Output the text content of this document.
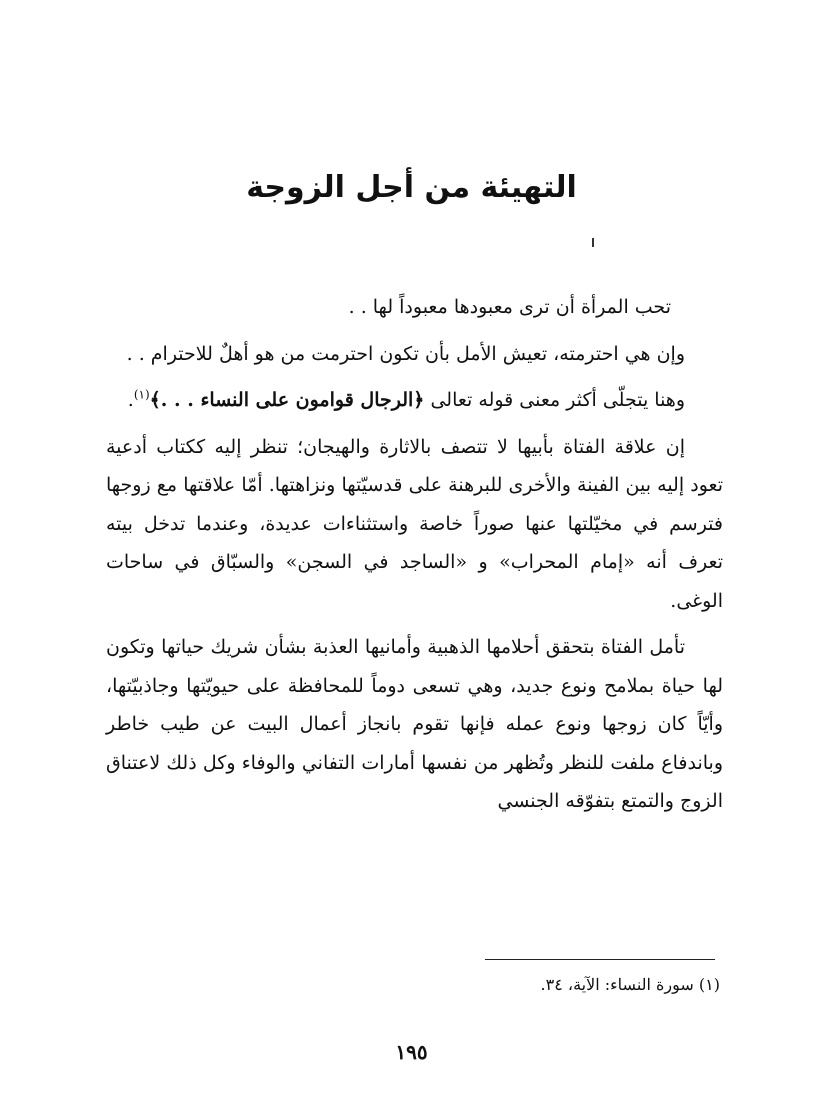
التهيئة من أجل الزوجة

تحب المرأة أن ترى معبودها معبوداً لها . .

وإن هي احترمته، تعيش الأمل بأن تكون احترمت من هو أهلٌ للاحترام . .

وهنا يتجلّى أكثر معنى قوله تعالى ﴿الرجال قوامون على النساء . . .﴾$^{(١)}$.

إن علاقة الفتاة بأبيها لا تتصف بالاثارة والهيجان؛ تنظر إليه ككتاب أدعية تعود إليه بين الفينة والأخرى للبرهنة على قدسيّتها ونزاهتها. أمّا علاقتها مع زوجها فترسم في مخيّلتها عنها صوراً خاصة واستثناءات عديدة، وعندما تدخل بيته تعرف أنه «إمام المحراب» و «الساجد في السجن» والسبّاق في ساحات الوغى.

تأمل الفتاة بتحقق أحلامها الذهبية وأمانيها العذبة بشأن شريك حياتها وتكون لها حياة بملامح ونوع جديد، وهي تسعى دوماً للمحافظة على حيويّتها وجاذبيّتها، وأيّاً كان زوجها ونوع عمله فإنها تقوم بانجاز أعمال البيت عن طيب خاطر وباندفاع ملفت للنظر وتُظهر من نفسها أمارات التفاني والوفاء وكل ذلك لاعتناق الزوج والتمتع بتفوّقه الجنسي

(١) سورة النساء: الآية، ٣٤.

١٩٥
